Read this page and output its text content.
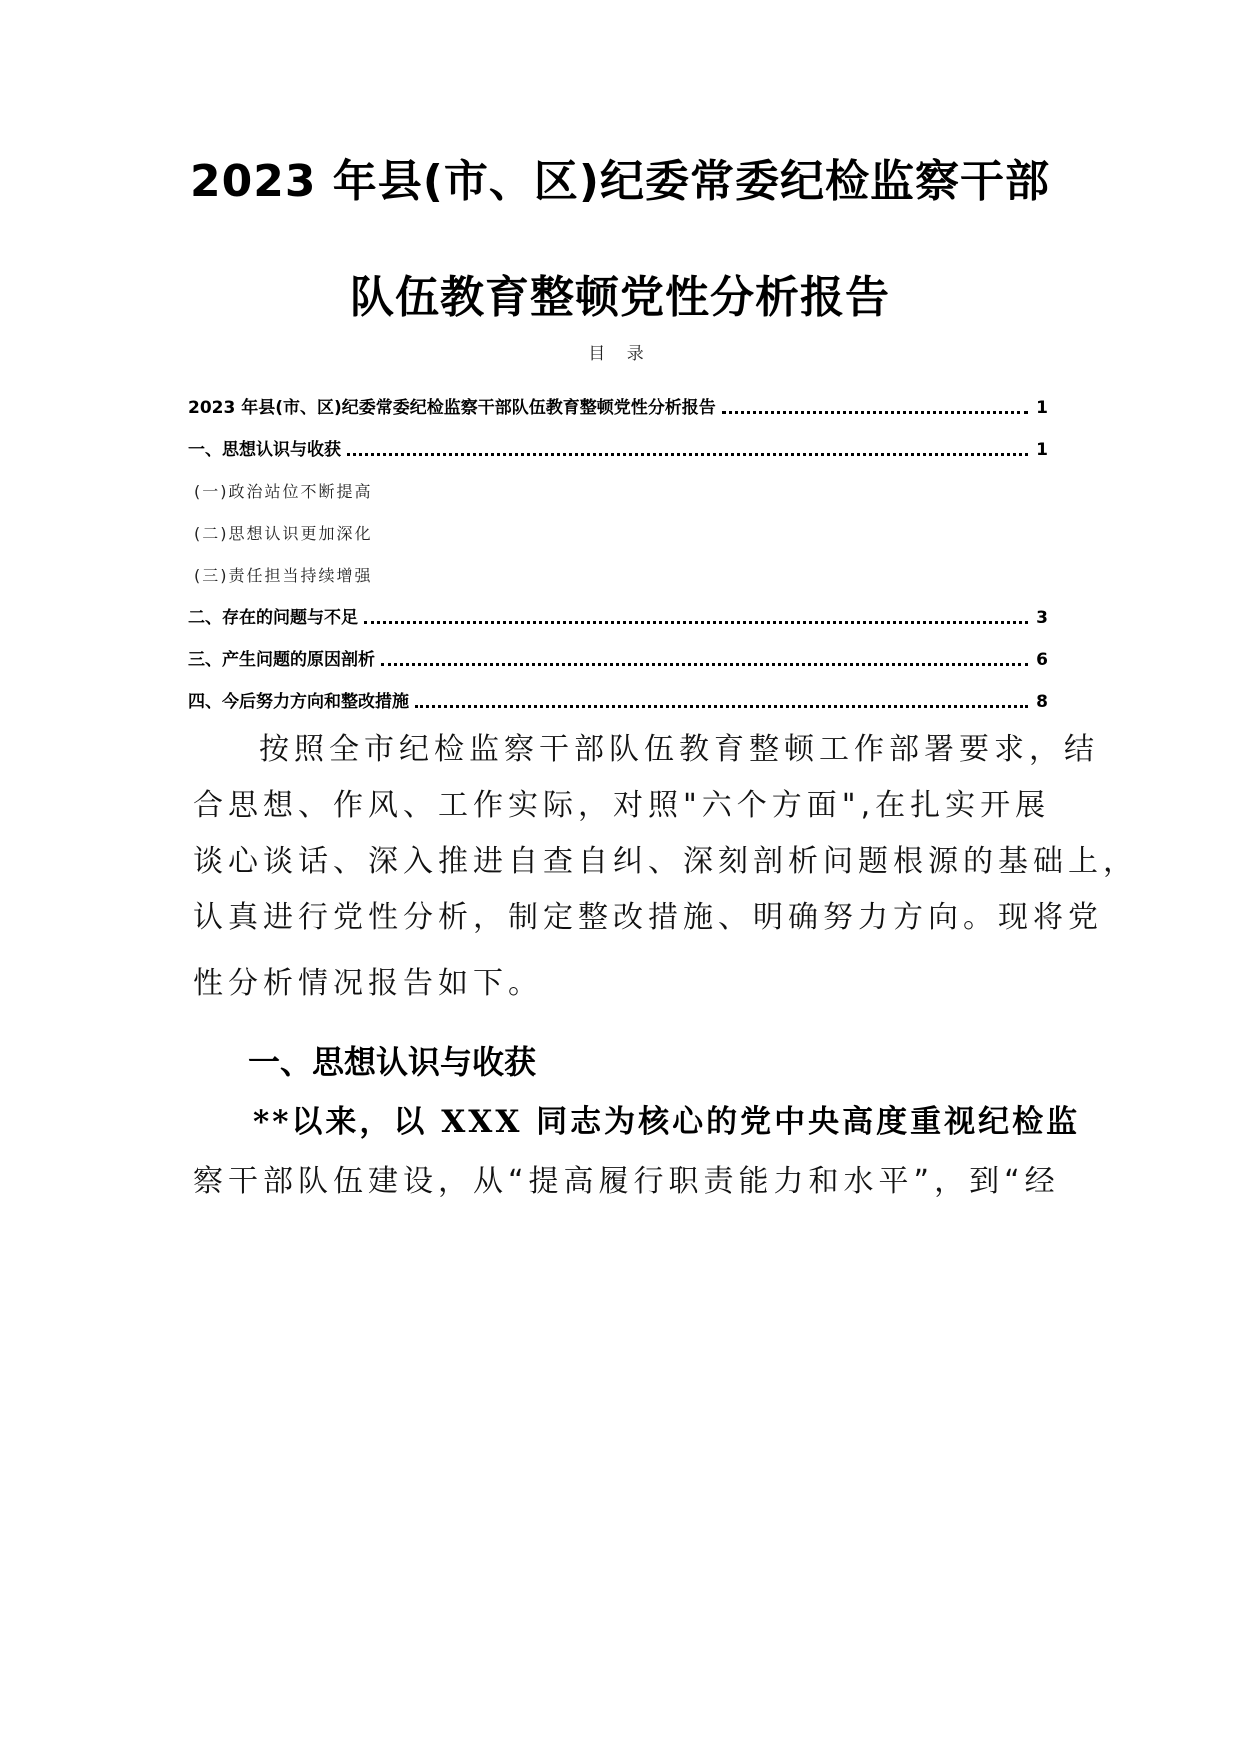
2023 年县(市、区)纪委常委纪检监察干部
队伍教育整顿党性分析报告
目 录
2023 年县(市、区)纪委常委纪检监察干部队伍教育整顿党性分析报告	1
一、思想认识与收获	1
(一)政治站位不断提高
(二)思想认识更加深化
(三)责任担当持续增强
二、存在的问题与不足	3
三、产生问题的原因剖析	6
四、今后努力方向和整改措施	8
按照全市纪检监察干部队伍教育整顿工作部署要求，结
合思想、作风、工作实际，对照"六个方面",在扎实开展
谈心谈话、深入推进自查自纠、深刻剖析问题根源的基础上，
认真进行党性分析，制定整改措施、明确努力方向。现将党
性分析情况报告如下。
一、思想认识与收获
**以来，以 XXX 同志为核心的党中央高度重视纪检监
察干部队伍建设，从“提高履行职责能力和水平”，到“经
